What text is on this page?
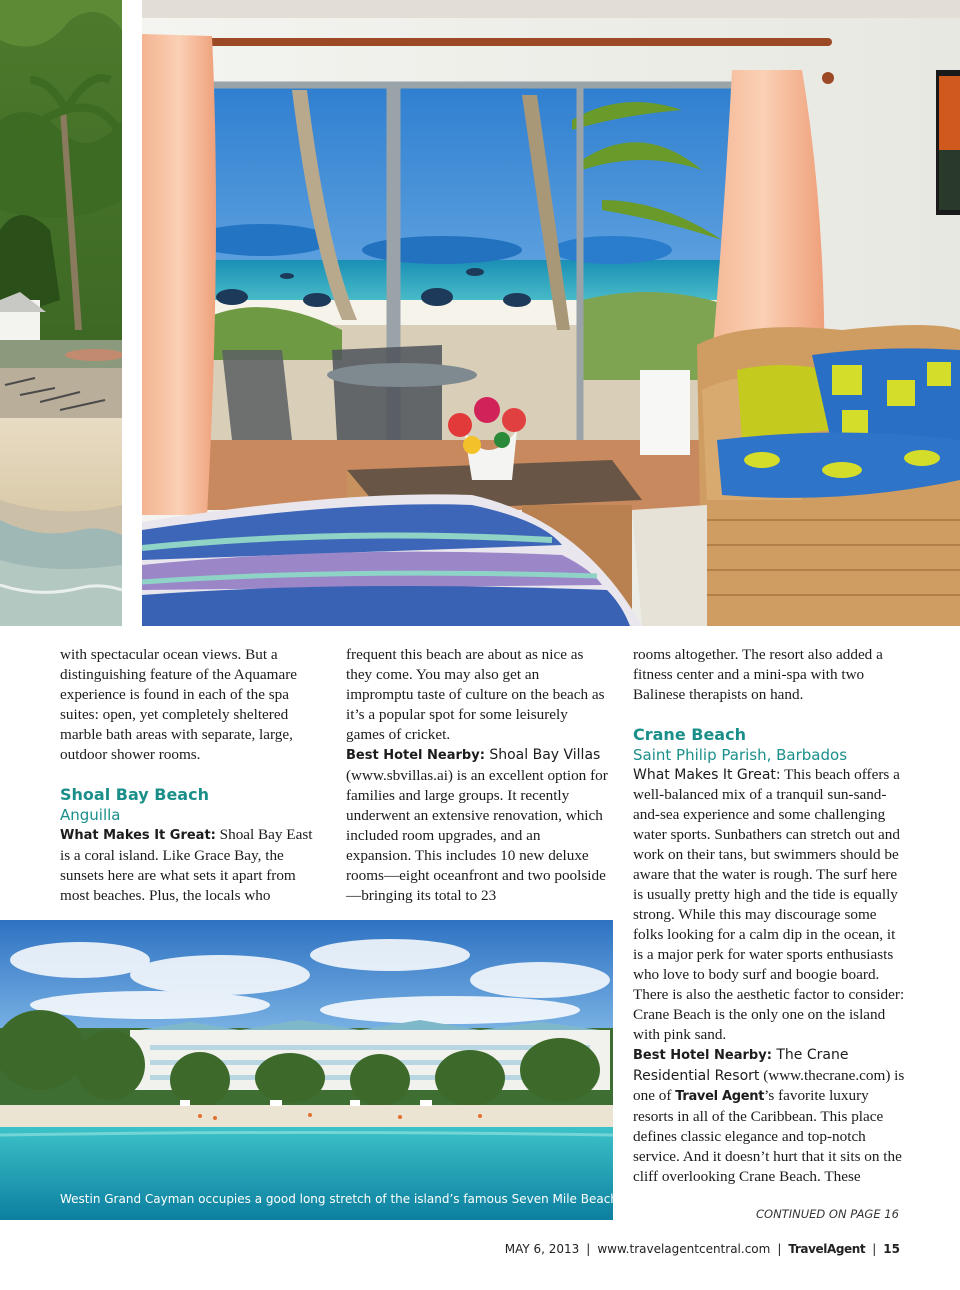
with spectacular ocean views. But a distinguishing feature of the Aquamare experience is found in each of the spa suites: open, yet completely sheltered marble bath areas with separate, large, outdoor shower rooms.

Shoal Bay Beach

Anguilla

What Makes It Great: Shoal Bay East is a coral island. Like Grace Bay, the sunsets here are what sets it apart from most beaches. Plus, the locals who

frequent this beach are about as nice as they come. You may also get an impromptu taste of culture on the beach as it’s a popular spot for some leisurely games of cricket.

Best Hotel Nearby: Shoal Bay Villas (www.sbvillas.ai) is an excellent option for families and large groups. It recently underwent an extensive renovation, which included room upgrades, and an expansion. This includes 10 new deluxe rooms—eight oceanfront and two poolside—bringing its total to 23

rooms altogether. The resort also added a fitness center and a mini-spa with two Balinese therapists on hand.

Crane Beach

Saint Philip Parish, Barbados

What Makes It Great: This beach offers a well-balanced mix of a tranquil sun-sand-and-sea experience and some challenging water sports. Sunbathers can stretch out and work on their tans, but swimmers should be aware that the water is rough. The surf here is usually pretty high and the tide is equally strong. While this may discourage some folks looking for a calm dip in the ocean, it is a major perk for water sports enthusiasts who love to body surf and boogie board. There is also the aesthetic factor to consider: Crane Beach is the only one on the island with pink sand.

Best Hotel Nearby: The Crane Residential Resort (www.thecrane.com) is one of Travel Agent’s favorite luxury resorts in all of the Caribbean. This place defines classic elegance and top-notch service. And it doesn’t hurt that it sits on the cliff overlooking Crane Beach. These

Westin Grand Cayman occupies a good long stretch of the island’s famous Seven Mile Beach.
CONTINUED ON PAGE 16
MAY 6, 2013 | www.travelagentcentral.com | TravelAgent | 15
